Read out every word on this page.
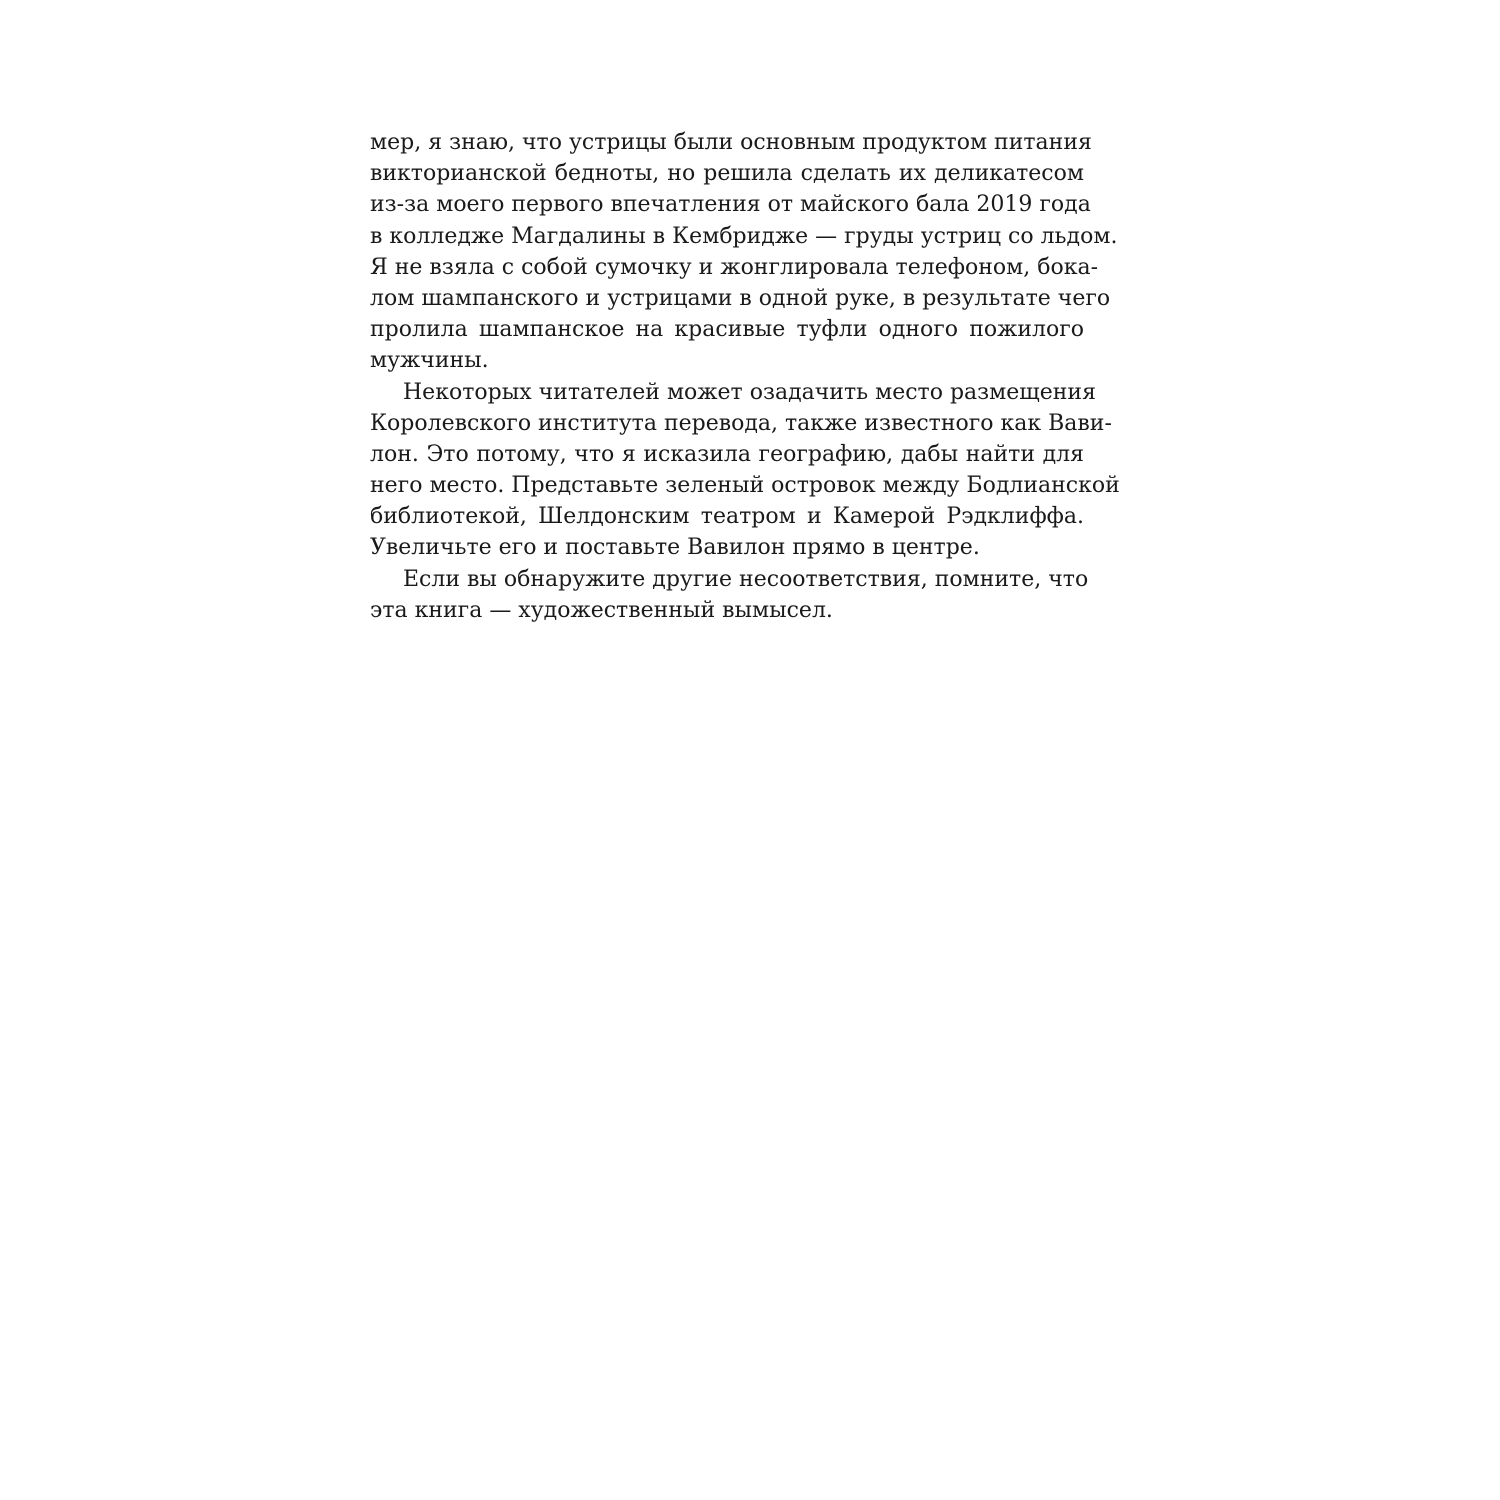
мер, я знаю, что устрицы были основным продуктом питания
викторианской бедноты, но решила сделать их деликатесом
из-за моего первого впечатления от майского бала 2019 года
в колледже Магдалины в Кембридже — груды устриц со льдом.
Я не взяла с собой сумочку и жонглировала телефоном, бока-
лом шампанского и устрицами в одной руке, в результате чего
пролила шампанское на красивые туфли одного пожилого
мужчины.
Некоторых читателей может озадачить место размещения
Королевского института перевода, также известного как Вави-
лон. Это потому, что я исказила географию, дабы найти для
него место. Представьте зеленый островок между Бодлианской
библиотекой, Шелдонским театром и Камерой Рэдклиффа.
Увеличьте его и поставьте Вавилон прямо в центре.
Если вы обнаружите другие несоответствия, помните, что
эта книга — художественный вымысел.
